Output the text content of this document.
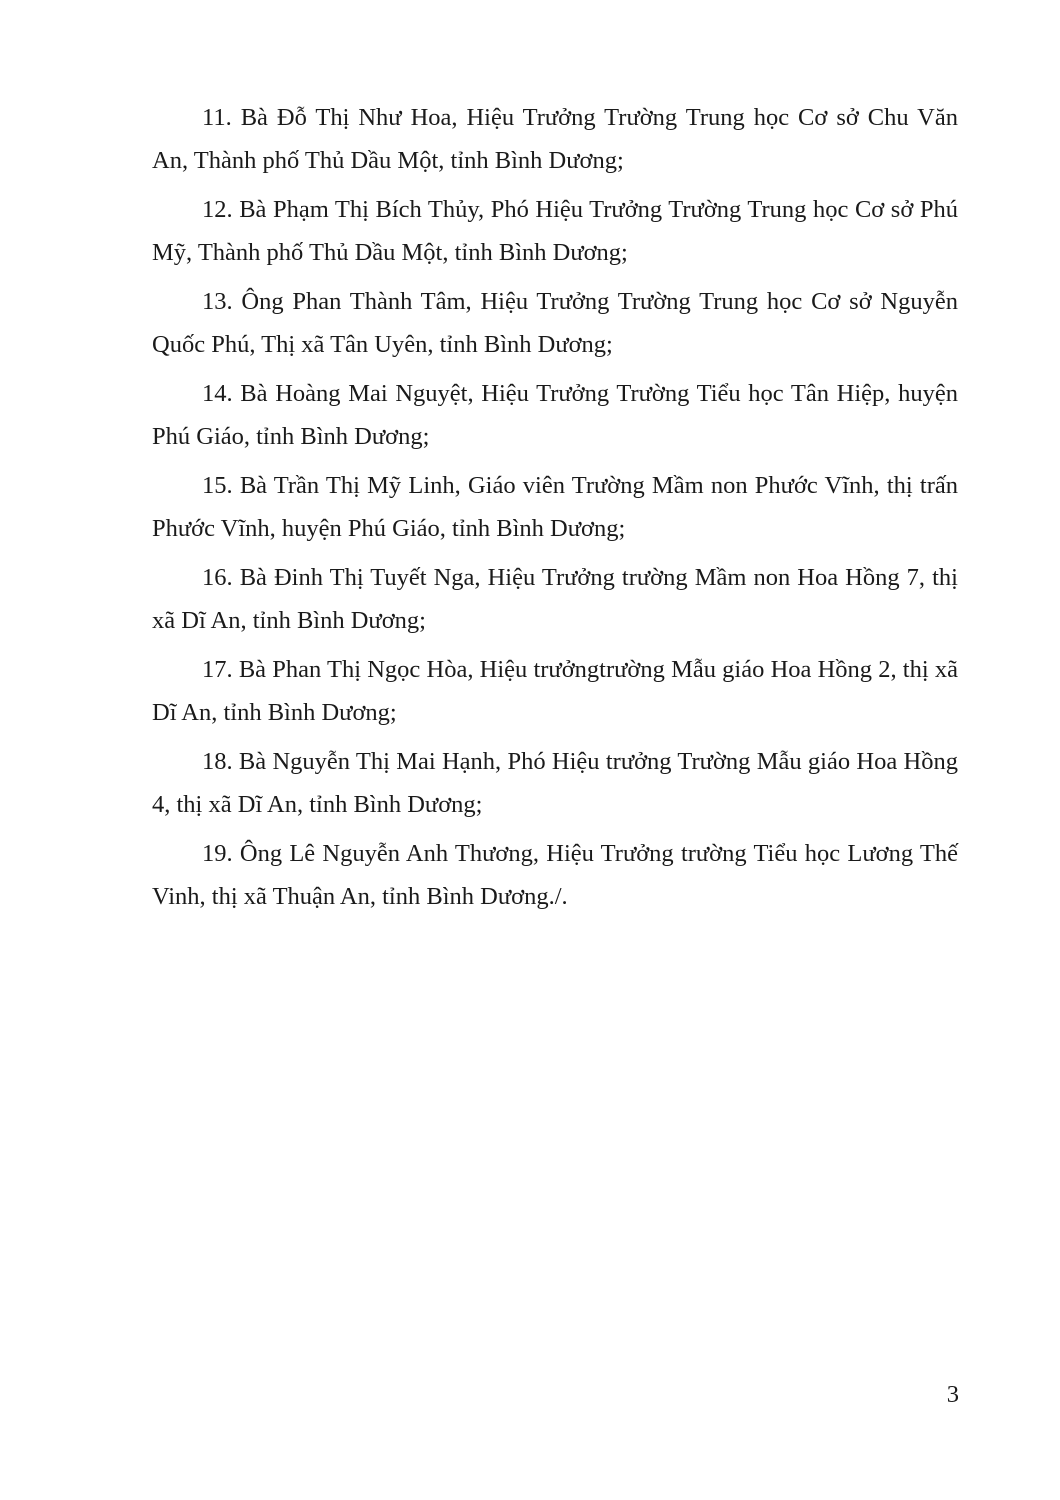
11. Bà Đỗ Thị Như Hoa, Hiệu Trưởng Trường Trung học Cơ sở Chu Văn An, Thành phố Thủ Dầu Một, tỉnh Bình Dương;
12. Bà Phạm Thị Bích Thủy, Phó Hiệu Trưởng Trường Trung học Cơ sở Phú Mỹ, Thành phố Thủ Dầu Một, tỉnh Bình Dương;
13. Ông Phan Thành Tâm, Hiệu Trưởng Trường Trung học Cơ sở Nguyễn Quốc Phú, Thị xã Tân Uyên, tỉnh Bình Dương;
14. Bà Hoàng Mai Nguyệt, Hiệu Trưởng Trường Tiểu học Tân Hiệp, huyện Phú Giáo, tỉnh Bình Dương;
15. Bà Trần Thị Mỹ Linh, Giáo viên Trường Mầm non Phước Vĩnh, thị trấn Phước Vĩnh, huyện Phú Giáo, tỉnh Bình Dương;
16. Bà Đinh Thị Tuyết Nga, Hiệu Trưởng trường Mầm non Hoa Hồng 7, thị xã Dĩ An, tỉnh Bình Dương;
17. Bà Phan Thị Ngọc Hòa, Hiệu trưởngtrường Mẫu giáo Hoa Hồng 2, thị xã Dĩ An, tỉnh Bình Dương;
18. Bà Nguyễn Thị Mai Hạnh, Phó Hiệu trưởng Trường Mẫu giáo Hoa Hồng 4, thị xã Dĩ An, tỉnh Bình Dương;
19. Ông Lê Nguyễn Anh Thương, Hiệu Trưởng trường Tiểu học Lương Thế Vinh, thị xã Thuận An, tỉnh Bình Dương./.
3
